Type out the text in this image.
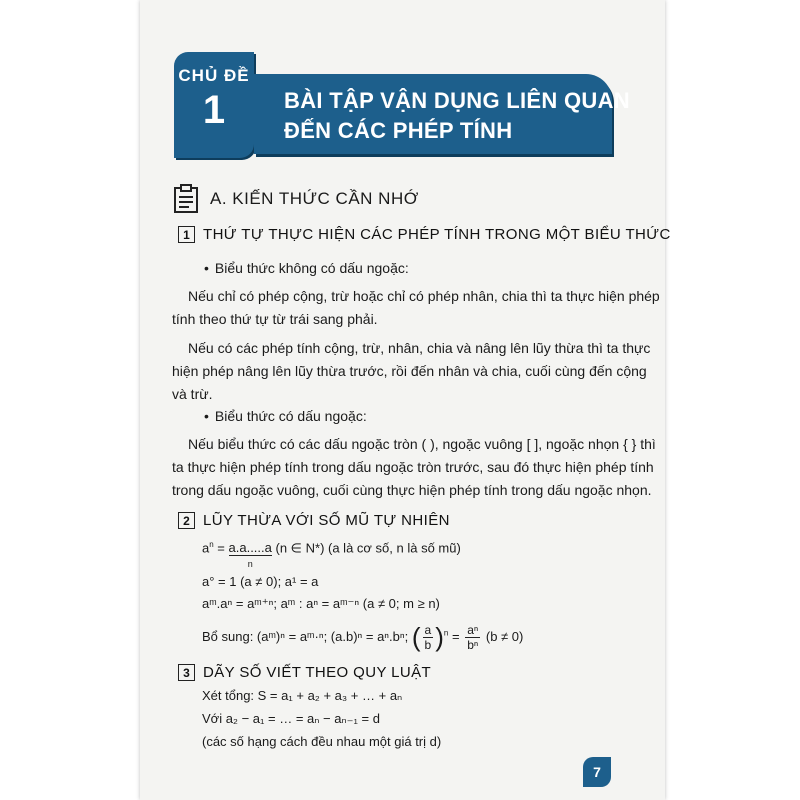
CHỦ ĐỀ
1	BÀI TẬP VẬN DỤNG LIÊN QUAN
ĐẾN CÁC PHÉP TÍNH
A. KIẾN THỨC CẦN NHỚ
1 THỨ TỰ THỰC HIỆN CÁC PHÉP TÍNH TRONG MỘT BIỂU THỨC
• Biểu thức không có dấu ngoặc:
Nếu chỉ có phép cộng, trừ hoặc chỉ có phép nhân, chia thì ta thực hiện phép
tính theo thứ tự từ trái sang phải.
Nếu có các phép tính cộng, trừ, nhân, chia và nâng lên lũy thừa thì ta thực
hiện phép nâng lên lũy thừa trước, rồi đến nhân và chia, cuối cùng đến cộng
và trừ.
• Biểu thức có dấu ngoặc:
Nếu biểu thức có các dấu ngoặc tròn ( ), ngoặc vuông [ ], ngoặc nhọn { } thì
ta thực hiện phép tính trong dấu ngoặc tròn trước, sau đó thực hiện phép tính
trong dấu ngoặc vuông, cuối cùng thực hiện phép tính trong dấu ngoặc nhọn.
2 LŨY THỪA VỚI SỐ MŨ TỰ NHIÊN
$a^n = a.a.....a$
n (n ∈ N*) (a là cơ số, n là số mũ)
a° = 1 (a ≠ 0); a¹ = a
aᵐ.aⁿ = aᵐ⁺ⁿ; aᵐ : aⁿ = aᵐ⁻ⁿ (a ≠ 0; m ≥ n)
Bổ sung: (aᵐ)ⁿ = aᵐ·ⁿ; (a.b)ⁿ = aⁿ.bⁿ; ( $\frac{a}{b} )^n = \frac{\text{aⁿ}}{\text{bⁿ}} (b \ne 0)$
3 DÃY SỐ VIẾT THEO QUY LUẬT
Xét tổng: S = a₁ + a₂ + a₃ + … + aₙ
Với a₂ − a₁ = … = aₙ − aₙ₋₁ = d
(các số hạng cách đều nhau một giá trị d)
7
